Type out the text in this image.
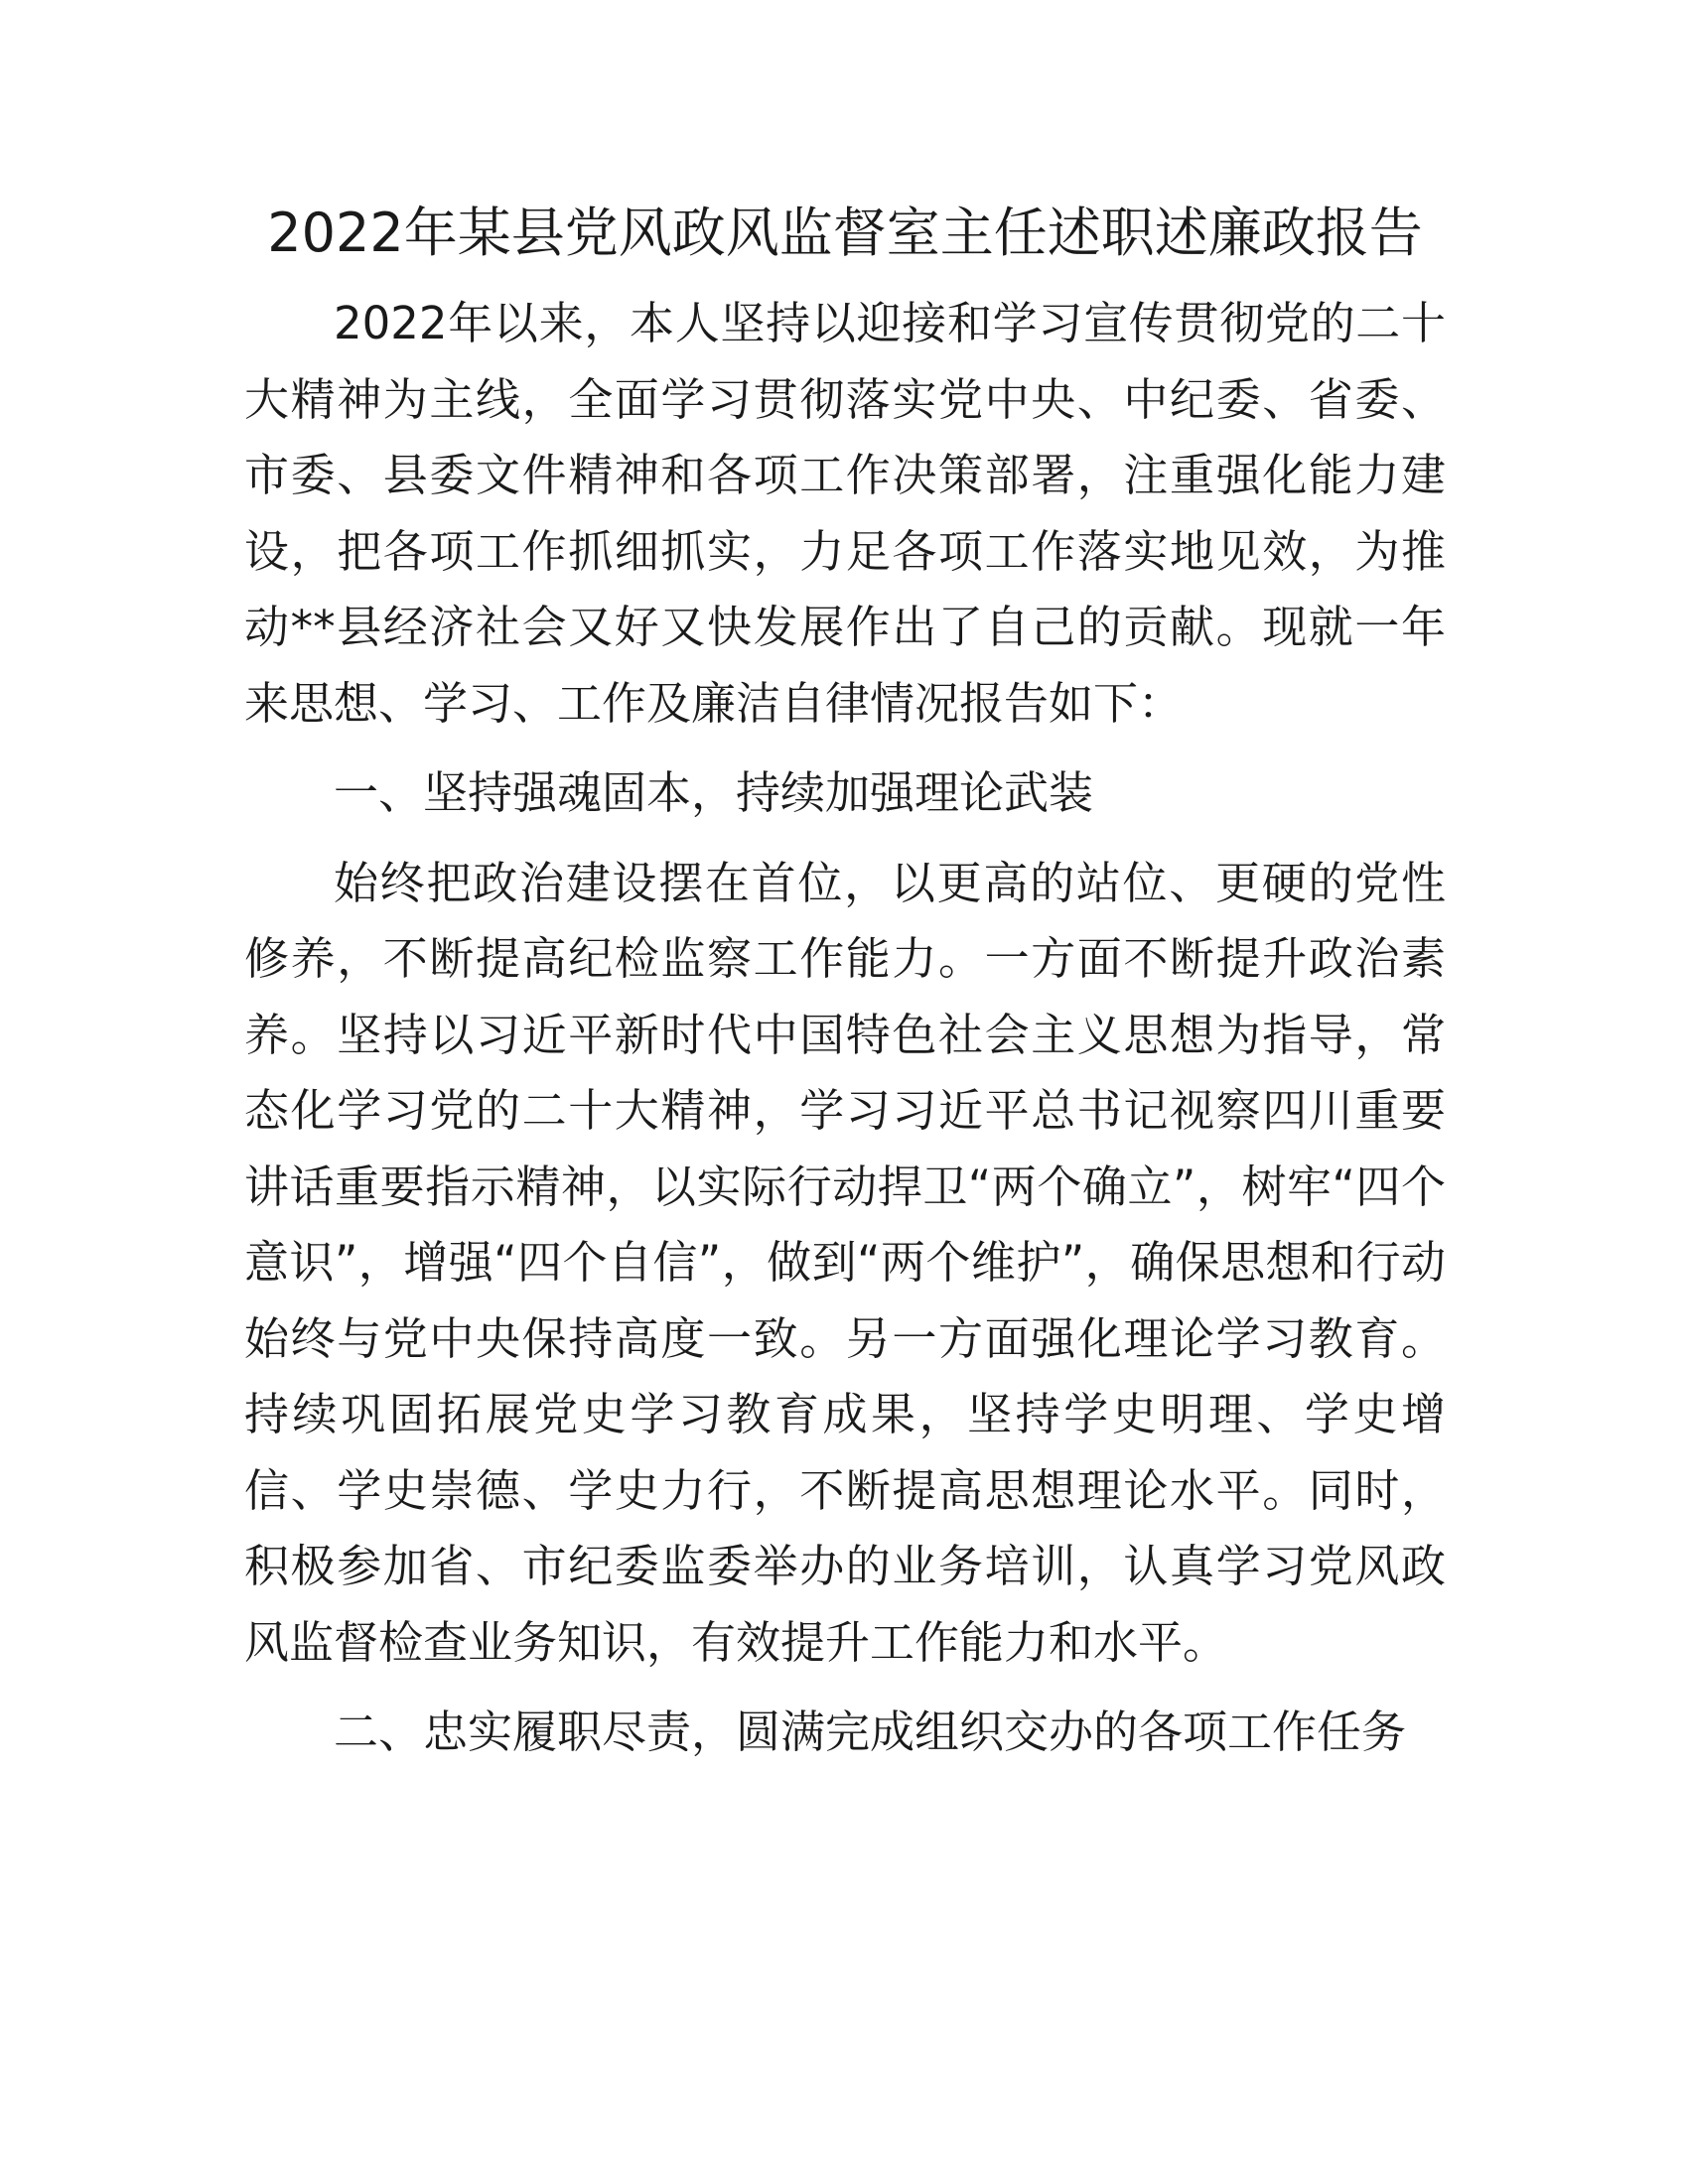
2022年某县党风政风监督室主任述职述廉政报告

2022年以来，本人坚持以迎接和学习宣传贯彻党的二十大精神为主线，全面学习贯彻落实党中央、中纪委、省委、市委、县委文件精神和各项工作决策部署，注重强化能力建设，把各项工作抓细抓实，力足各项工作落实地见效，为推动**县经济社会又好又快发展作出了自己的贡献。现就一年来思想、学习、工作及廉洁自律情况报告如下：

一、坚持强魂固本，持续加强理论武装

始终把政治建设摆在首位，以更高的站位、更硬的党性修养，不断提高纪检监察工作能力。一方面不断提升政治素养。坚持以习近平新时代中国特色社会主义思想为指导，常态化学习党的二十大精神，学习习近平总书记视察四川重要讲话重要指示精神，以实际行动捍卫“两个确立”，树牢“四个意识”，增强“四个自信”，做到“两个维护”，确保思想和行动始终与党中央保持高度一致。另一方面强化理论学习教育。持续巩固拓展党史学习教育成果，坚持学史明理、学史增信、学史崇德、学史力行，不断提高思想理论水平。同时，积极参加省、市纪委监委举办的业务培训，认真学习党风政风监督检查业务知识，有效提升工作能力和水平。

二、忠实履职尽责，圆满完成组织交办的各项工作任务
